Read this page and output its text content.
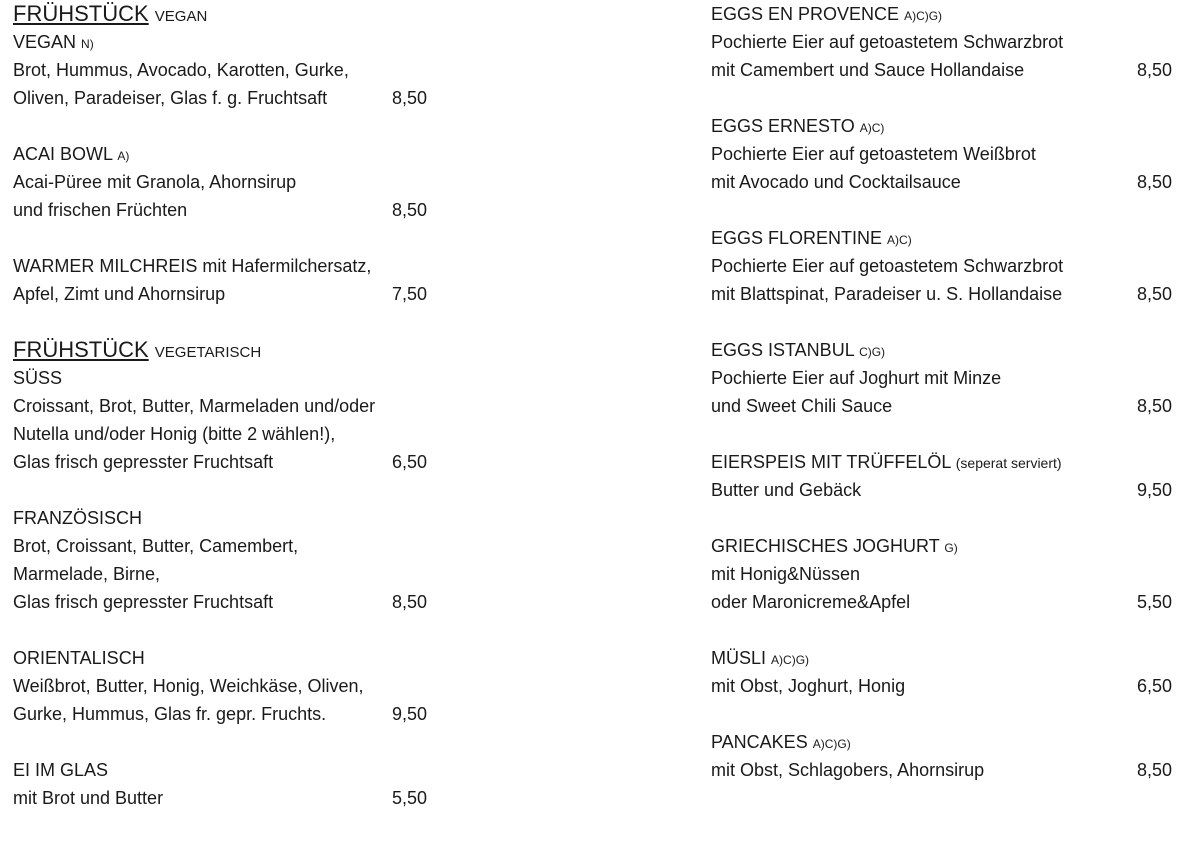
FRÜHSTÜCK VEGAN
VEGAN N)
Brot, Hummus, Avocado, Karotten, Gurke,
Oliven, Paradeiser, Glas f. g. Fruchtsaft	8,50
ACAI BOWL A)
Acai-Püree mit Granola, Ahornsirup
und frischen Früchten	8,50
WARMER MILCHREIS mit Hafermilchersatz,
Apfel, Zimt und Ahornsirup	7,50
FRÜHSTÜCK VEGETARISCH
SÜSS
Croissant, Brot, Butter, Marmeladen und/oder
Nutella und/oder Honig (bitte 2 wählen!),
Glas frisch gepresster Fruchtsaft	6,50
FRANZÖSISCH
Brot, Croissant, Butter, Camembert,
Marmelade, Birne,
Glas frisch gepresster Fruchtsaft	8,50
ORIENTALISCH
Weißbrot, Butter, Honig, Weichkäse, Oliven,
Gurke, Hummus, Glas fr. gepr. Fruchts.	9,50
EI IM GLAS
mit Brot und Butter	5,50
EGGS EN PROVENCE A)C)G)
Pochierte Eier auf getoastetem Schwarzbrot
mit Camembert und Sauce Hollandaise	8,50
EGGS ERNESTO A)C)
Pochierte Eier auf getoastetem Weißbrot
mit Avocado und Cocktailsauce	8,50
EGGS FLORENTINE A)C)
Pochierte Eier auf getoastetem Schwarzbrot
mit Blattspinat, Paradeiser u. S. Hollandaise	8,50
EGGS ISTANBUL C)G)
Pochierte Eier auf Joghurt mit Minze
und Sweet Chili Sauce	8,50
EIERSPEIS MIT TRÜFFELÖL (seperat serviert)
Butter und Gebäck	9,50
GRIECHISCHES JOGHURT G)
mit Honig&Nüssen
oder Maronicreme&Apfel	5,50
MÜSLI A)C)G)
mit Obst, Joghurt, Honig	6,50
PANCAKES A)C)G)
mit Obst, Schlagobers, Ahornsirup	8,50
